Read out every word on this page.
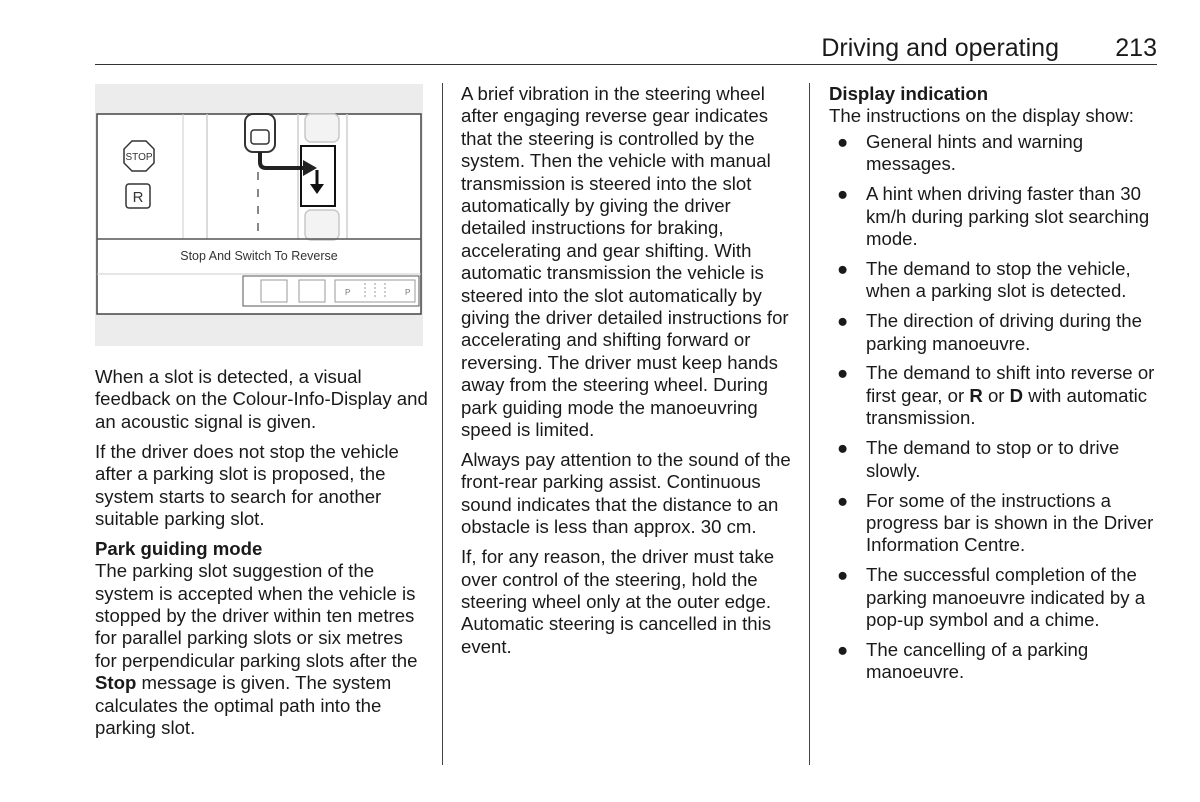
Driving and operating 213
STOP
R
Stop And Switch To Reverse
P	P

When a slot is detected, a visual feedback on the Colour-Info-Display and an acoustic signal is given.

If the driver does not stop the vehicle after a parking slot is proposed, the system starts to search for another suitable parking slot.

Park guiding mode

The parking slot suggestion of the system is accepted when the vehicle is stopped by the driver within ten metres for parallel parking slots or six metres for perpendicular parking slots after the Stop message is given. The system calculates the optimal path into the parking slot.

A brief vibration in the steering wheel after engaging reverse gear indicates that the steering is controlled by the system. Then the vehicle with manual transmission is steered into the slot automatically by giving the driver detailed instructions for braking, accelerating and gear shifting. With automatic transmission the vehicle is steered into the slot automatically by giving the driver detailed instructions for accelerating and shifting forward or reversing. The driver must keep hands away from the steering wheel. During park guiding mode the manoeuvring speed is limited.

Always pay attention to the sound of the front-rear parking assist. Continuous sound indicates that the distance to an obstacle is less than approx. 30 cm.

If, for any reason, the driver must take over control of the steering, hold the steering wheel only at the outer edge. Automatic steering is cancelled in this event.

Display indication

The instructions on the display show:

● General hints and warning messages.
● A hint when driving faster than 30 km/h during parking slot searching mode.
● The demand to stop the vehicle, when a parking slot is detected.
● The direction of driving during the parking manoeuvre.
● The demand to shift into reverse or first gear, or R or D with automatic transmission.
● The demand to stop or to drive slowly.
● For some of the instructions a progress bar is shown in the Driver Information Centre.
● The successful completion of the parking manoeuvre indicated by a pop-up symbol and a chime.
● The cancelling of a parking manoeuvre.
